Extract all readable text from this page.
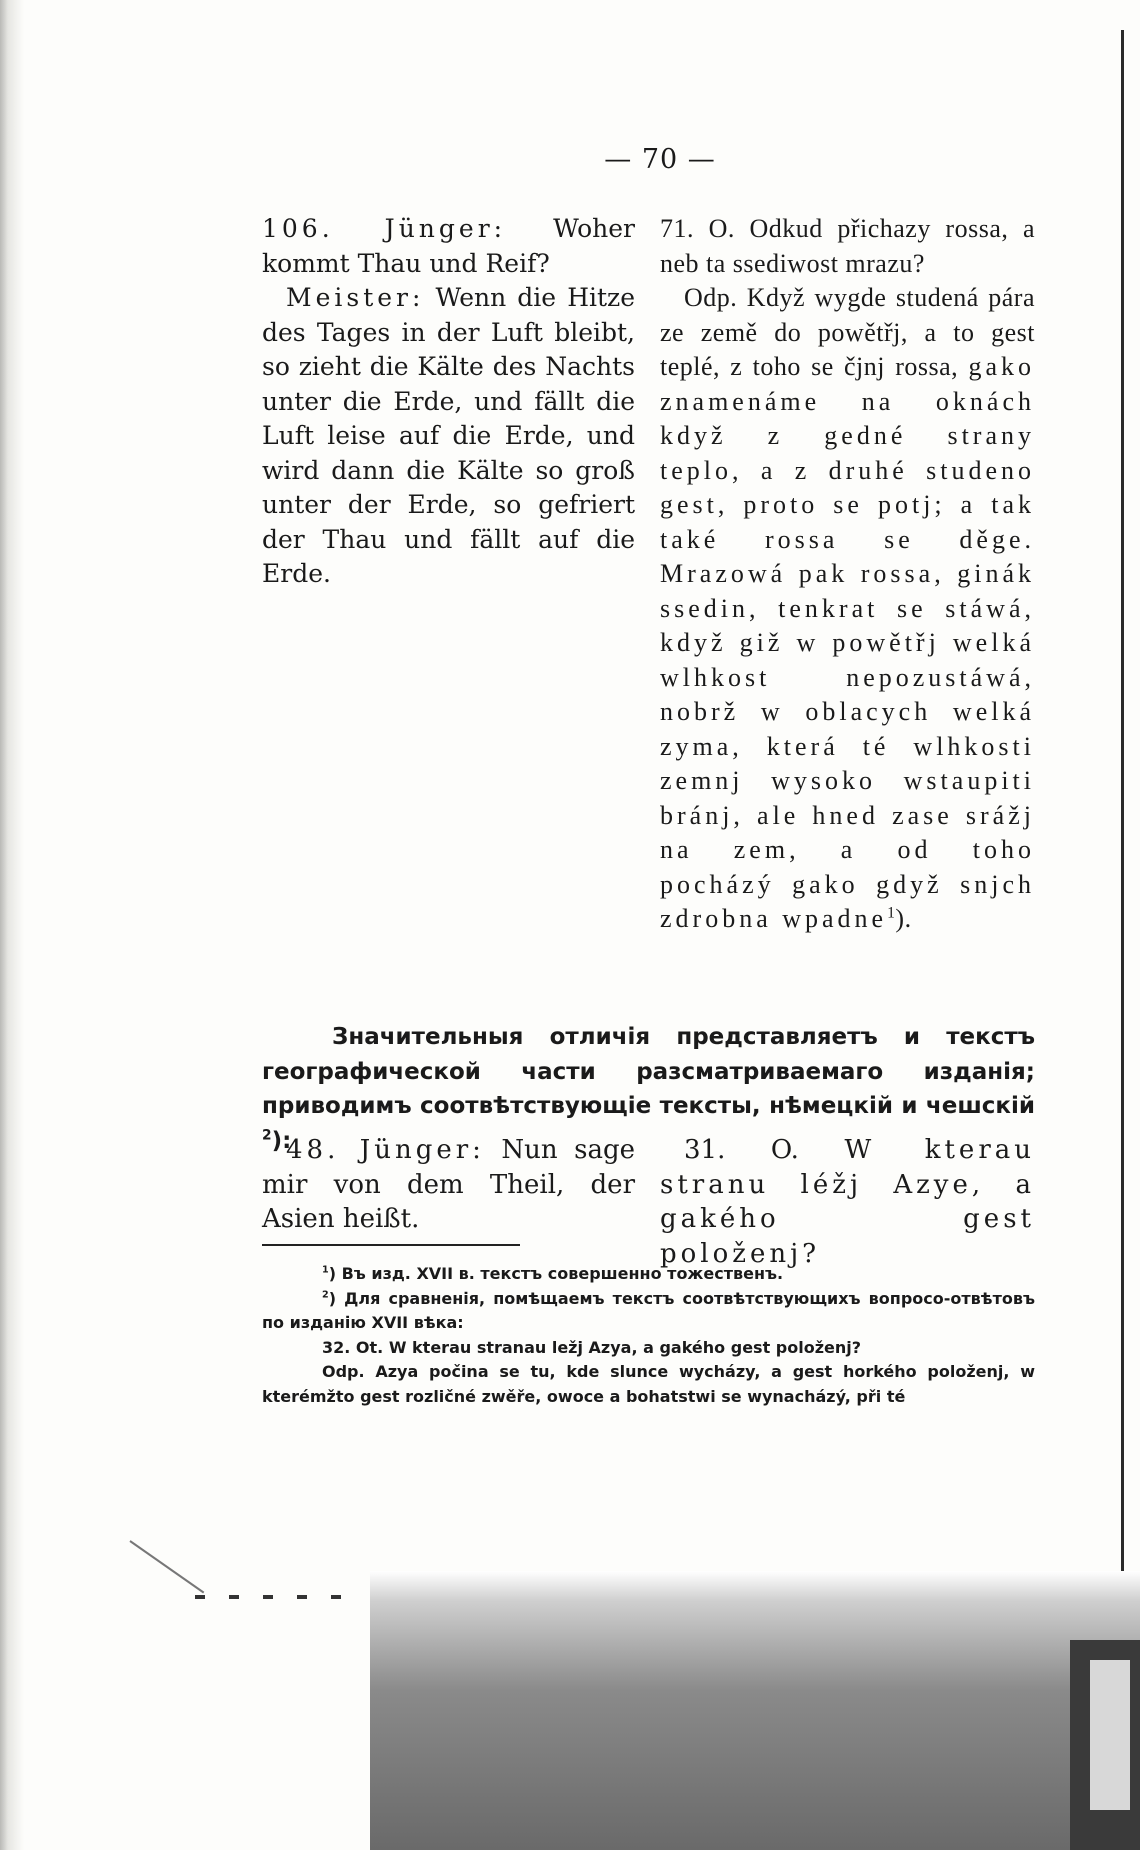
— 70 —

106. Jünger: Woher kommt Thau und Reif?

Meister: Wenn die Hitze des Tages in der Luft bleibt, so zieht die Kälte des Nachts unter die Erde, und fällt die Luft leise auf die Erde, und wird dann die Kälte so groß unter der Erde, so gefriert der Thau und fällt auf die Erde.

71. O. Odkud přichazy rossa, a neb ta ssediwost mrazu?

Odp. Když wygde studená pára ze země do powětřj, a to gest teplé, z toho se čjnj rossa, gako znamenáme na oknách když z gedné strany teplo, a z druhé studeno gest, proto se potj; a tak také rossa se děge. Mrazowá pak rossa, ginák ssedin, tenkrat se stáwá, když giž w powětřj welká wlhkost nepozustáwá, nobrž w oblacych welká zyma, která té wlhkosti zemnj wysoko wstaupiti bránj, ale hned zase srážj na zem, a od toho pocházý gako gdyž snjch zdrobna wpadne$^1$).

Значительныя отличія представляетъ и текстъ географической части разсматриваемаго изданія; приводимъ соотвѣтствующіе тексты, нѣмецкій и чешскій $^2$):

48. Jünger: Nun sage mir von dem Theil, der Asien heißt.

31. O. W kterau stranu léžj Azye, a gakého gest položenj?

$^1$) Въ изд. XVII в. текстъ совершенно тожественъ.

$^2$) Для сравненія, помѣщаемъ текстъ соотвѣтствующихъ вопросо-отвѣтовъ по изданію XVII вѣка:

32. Ot. W kterau stranau ležj Azya, a gakého gest položenj?

Odp. Azya počina se tu, kde slunce wycházy, a gest horkého položenj, w kterémžto gest rozličné zwěře, owoce a bohatstwi se wynacházý, při té
